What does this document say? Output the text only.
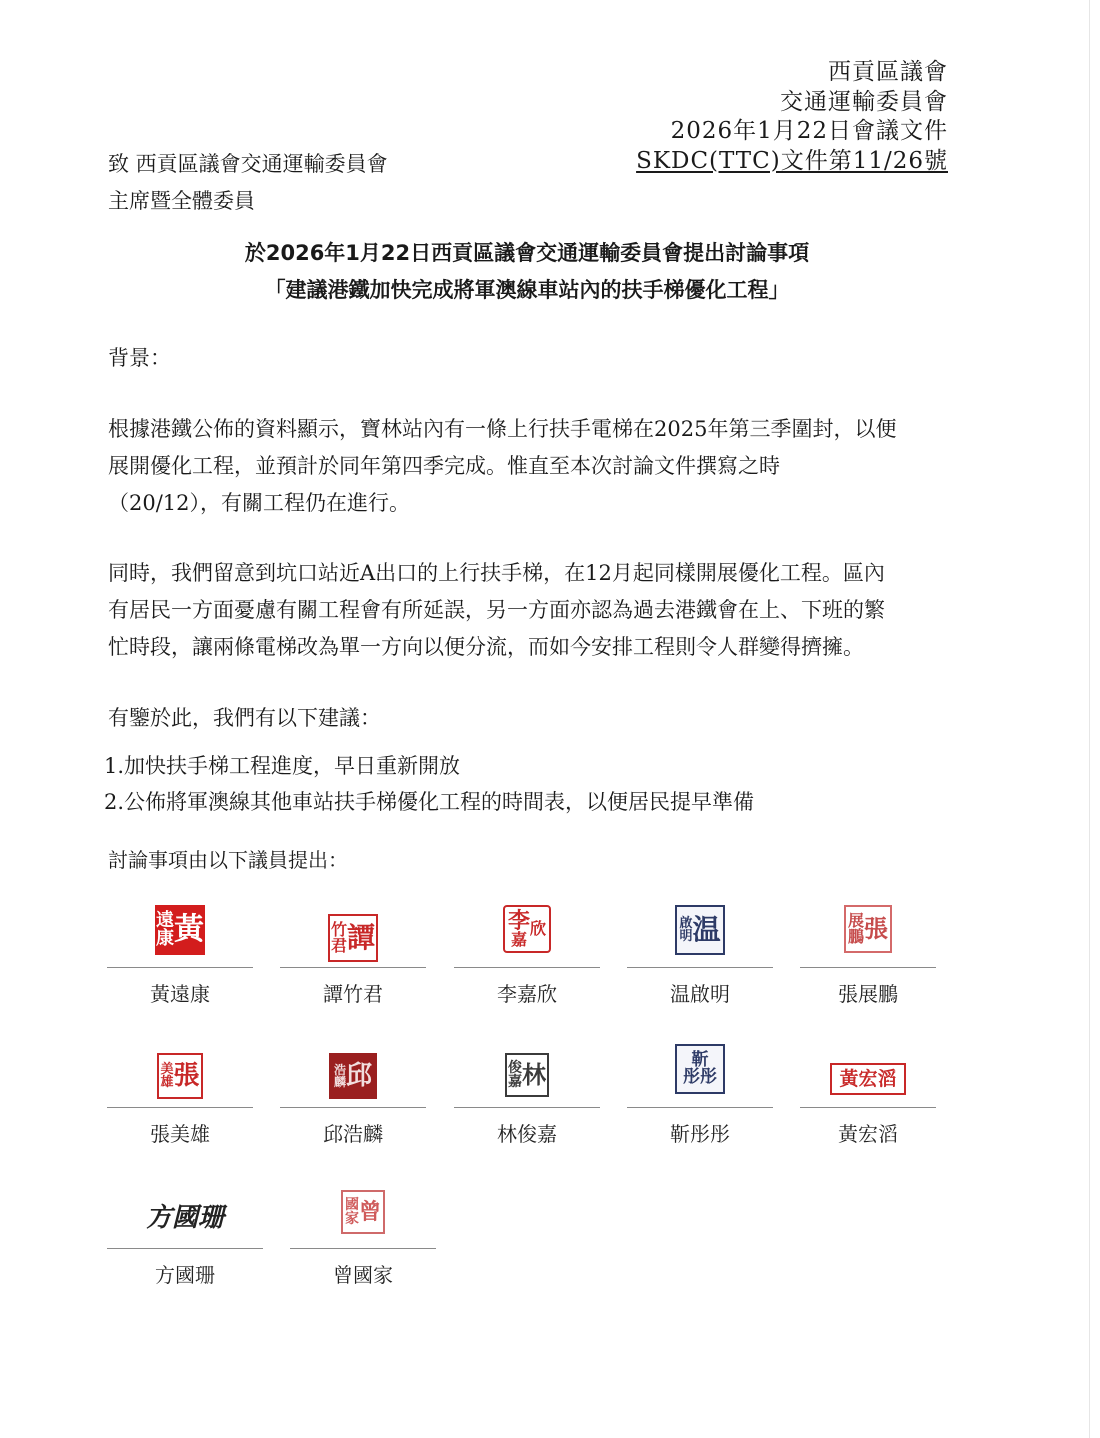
西貢區議會
交通運輸委員會
2026年1月22日會議文件
SKDC(TTC)文件第11/26號
致 西貢區議會交通運輸委員會
主席暨全體委員
於2026年1月22日西貢區議會交通運輸委員會提出討論事項
「建議港鐵加快完成將軍澳線車站內的扶手梯優化工程」

背景：

根據港鐵公佈的資料顯示，寶林站內有一條上行扶手電梯在2025年第三季圍封，以便
展開優化工程，並預計於同年第四季完成。惟直至本次討論文件撰寫之時
（20/12），有關工程仍在進行。
同時，我們留意到坑口站近A出口的上行扶手梯，在12月起同樣開展優化工程。區內
有居民一方面憂慮有關工程會有所延誤，另一方面亦認為過去港鐵會在上、下班的繁
忙時段，讓兩條電梯改為單一方向以便分流，而如今安排工程則令人群變得擠擁。

有鑒於此，我們有以下建議：

1.加快扶手梯工程進度，早日重新開放
2.公佈將軍澳線其他車站扶手梯優化工程的時間表，以便居民提早準備

討論事項由以下議員提出：

遠
康 黃
黃遠康
竹
君 譚
譚竹君
李
嘉
欣
李嘉欣
啟
明 温
温啟明
展
鵬 張
張展鵬
美
雄 張
張美雄
浩
麟 邱
邱浩麟
俊
嘉 林
林俊嘉
靳
彤彤
靳彤彤
黃宏滔
黃宏滔
方國珊
方國珊
國
家 曾
曾國家
